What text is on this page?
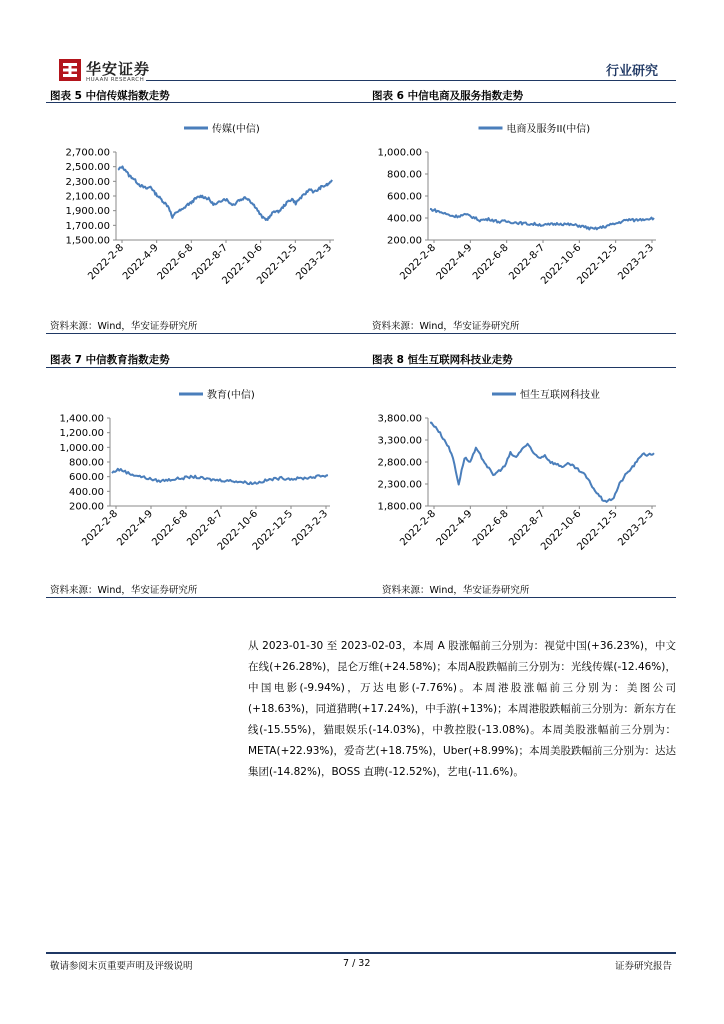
华安证券
HUAAN RESEARCH
行业研究
图表 5 中信传媒指数走势	图表 6 中信电商及服务指数走势
传媒(中信)
2,700.00
2,500.00
2,300.00
2,100.00
1,900.00
1,700.00
1,500.00
2022-2-8
2022-4-9
2022-6-8
2022-8-7
2022-10-6
2022-12-5
2023-2-3
电商及服务II(中信)
1,000.00
800.00
600.00
400.00
200.00
2022-2-8
2022-4-9
2022-6-8
2022-8-7
2022-10-6
2022-12-5
2023-2-3
资料来源：Wind，华安证券研究所	资料来源：Wind，华安证券研究所
图表 7 中信教育指数走势	图表 8 恒生互联网科技业走势
教育(中信)
1,400.00
1,200.00
1,000.00
800.00
600.00
400.00
200.00
2022-2-8
2022-4-9
2022-6-8
2022-8-7
2022-10-6
2022-12-5
2023-2-3
恒生互联网科技业
3,800.00
3,300.00
2,800.00
2,300.00
1,800.00
2022-2-8
2022-4-9
2022-6-8
2022-8-7
2022-10-6
2022-12-5
2023-2-3
资料来源：Wind，华安证券研究所	资料来源：Wind，华安证券研究所
从 2023-01-30 至 2023-02-03，本周 A 股涨幅前三分别为：视觉中国(+36.23%)，中文在线(+26.28%)，昆仑万维(+24.58%)；本周A股跌幅前三分别为：光线传媒(-12.46%)，中国电影(-9.94%)，万达电影(-7.76%)。本周港股涨幅前三分别为：美图公司(+18.63%)，同道猎聘(+17.24%)，中手游(+13%)；本周港股跌幅前三分别为：新东方在线(-15.55%)，猫眼娱乐(-14.03%)，中教控股(-13.08%)。本周美股涨幅前三分别为：META(+22.93%)，爱奇艺(+18.75%)，Uber(+8.99%)；本周美股跌幅前三分别为：达达集团(-14.82%)，BOSS 直聘(-12.52%)，艺电(-11.6%)。
敬请参阅末页重要声明及评级说明	7 / 32	证券研究报告
